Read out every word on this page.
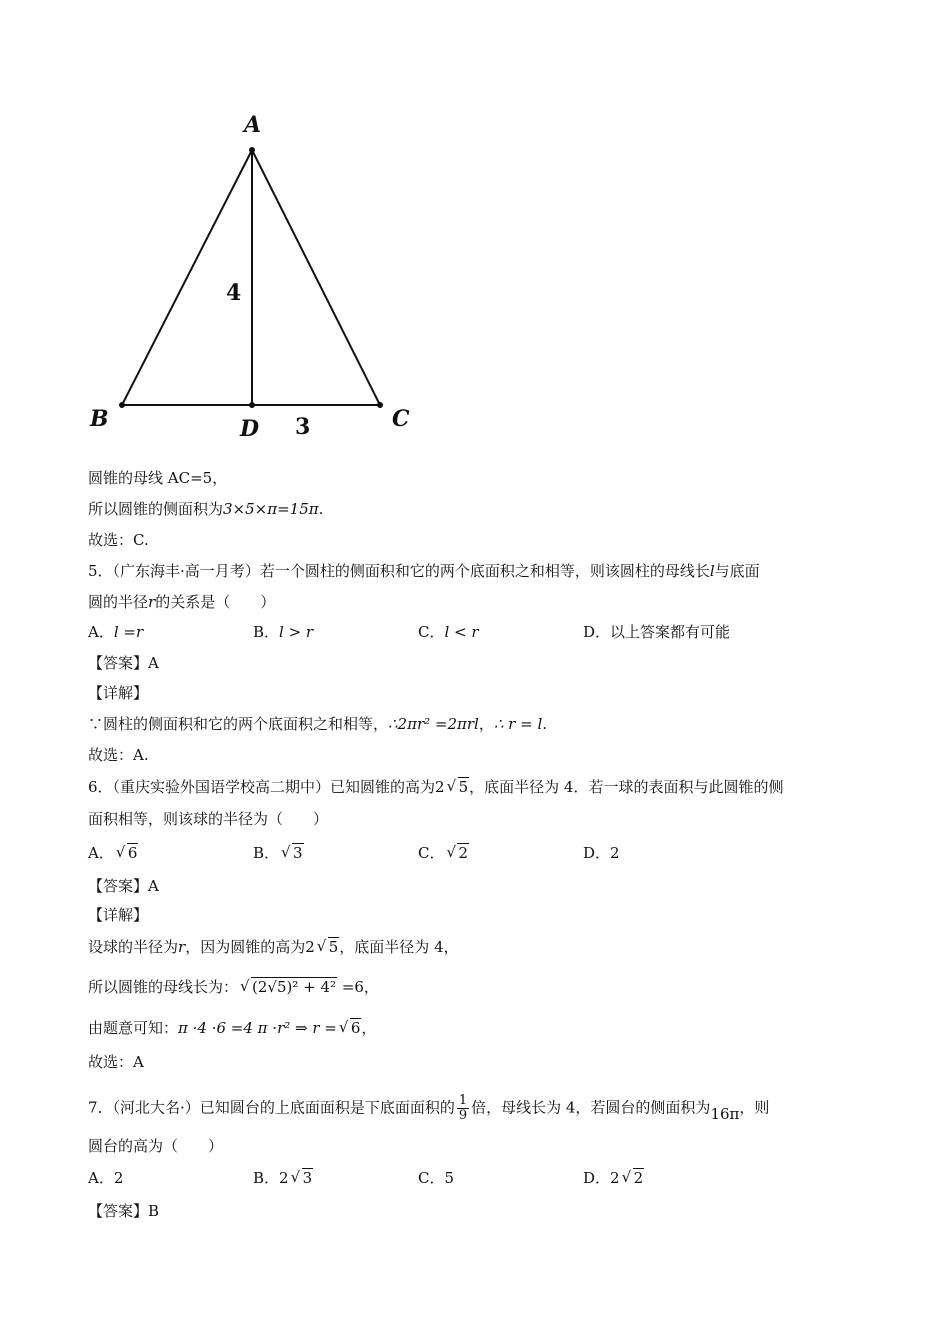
A
B	C
D
4
3
圆锥的母线 AC=5，
所以圆锥的侧面积为3×5×π=15π.
故选：C.
5．（广东海丰·高一月考）若一个圆柱的侧面积和它的两个底面积之和相等，则该圆柱的母线长l与底面
圆的半径r的关系是（　　）
A．l =r	B．l > r	C．l < r	D．以上答案都有可能
【答案】A
【详解】
∵圆柱的侧面积和它的两个底面积之和相等，∴2πr² =2πrl，∴ r = l.
故选：A.
6．（重庆实验外国语学校高二期中）已知圆锥的高为2 √ 5，底面半径为 4．若一球的表面积与此圆锥的侧
面积相等，则该球的半径为（　　）
A． √ 6	B． √ 3	C． √ 2	D．2
【答案】A
【详解】
设球的半径为r，因为圆锥的高为2 √ 5，底面半径为 4，
所以圆锥的母线长为： √ (2√5)² + 4² =6，
由题意可知：π ·4 ·6 =4 π ·r² ⇒ r = √ 6，
故选：A
7．（河北大名·）已知圆台的上底面面积是下底面面积的 $\frac{1}{9}$ 倍，母线长为 4，若圆台的侧面积为16π，则
圆台的高为（　　）
A．2	B．2 √ 3	C．5	D．2 √ 2
【答案】B
